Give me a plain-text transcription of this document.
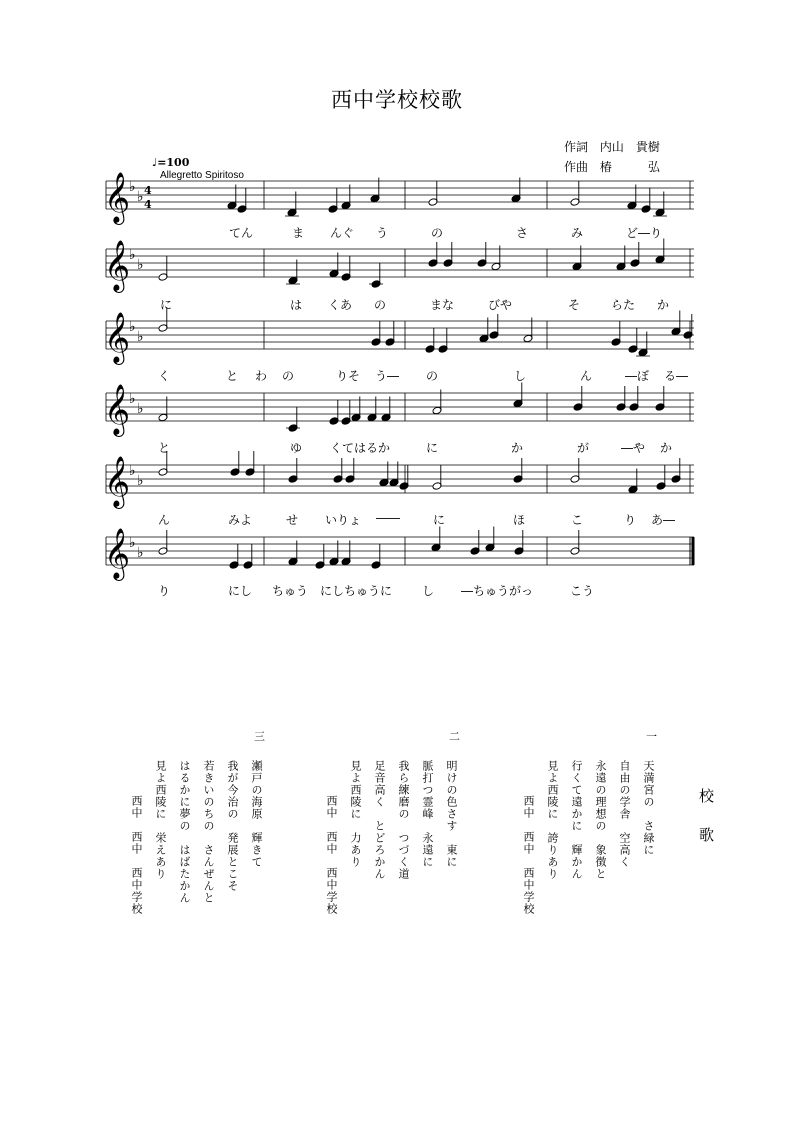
西中学校校歌
作詞 内山　貴樹
作曲 椿　　　弘
♩=100
Allegretto Spiritoso
𝄞
♭
♭ 4
4
𝄞
♭
♭
𝄞
♭
♭
𝄞
♭
♭
𝄞
♭
♭
𝄞
♭
♭
てん	ま んぐ う	の	さ	み	ど―り
に	は くあ の	まな	びや	そ	らた か
く	と わ の	りそ う― の	し	ん	―ぼ る―
と	ゆ くてはるか	に	か	が	―や か
ん	みよ	せ いりょ ――	に	ほ	こ	り あ―
り	にし ちゅう にしちゅうに し ―ちゅうがっ	こう
一
天満宮の　さ緑に
自由の学舎　空高く
永遠の理想の　象徴と
行くて遠かに　輝かん
見よ西陵に　誇りあり
西中　西中　西中学校
二
明けの色さす　東に
脈打つ霊峰　永遠に
我ら練磨の　つづく道
足音高く　とどろかん
見よ西陵に　力あり
西中　西中　西中学校
三
瀬戸の海原　輝きて
我が今治の　発展とこそ
若きいのちの　さんぜんと
はるかに夢の　はばたかん
見よ西陵に　栄えあり
西中　西中　西中学校	校歌
